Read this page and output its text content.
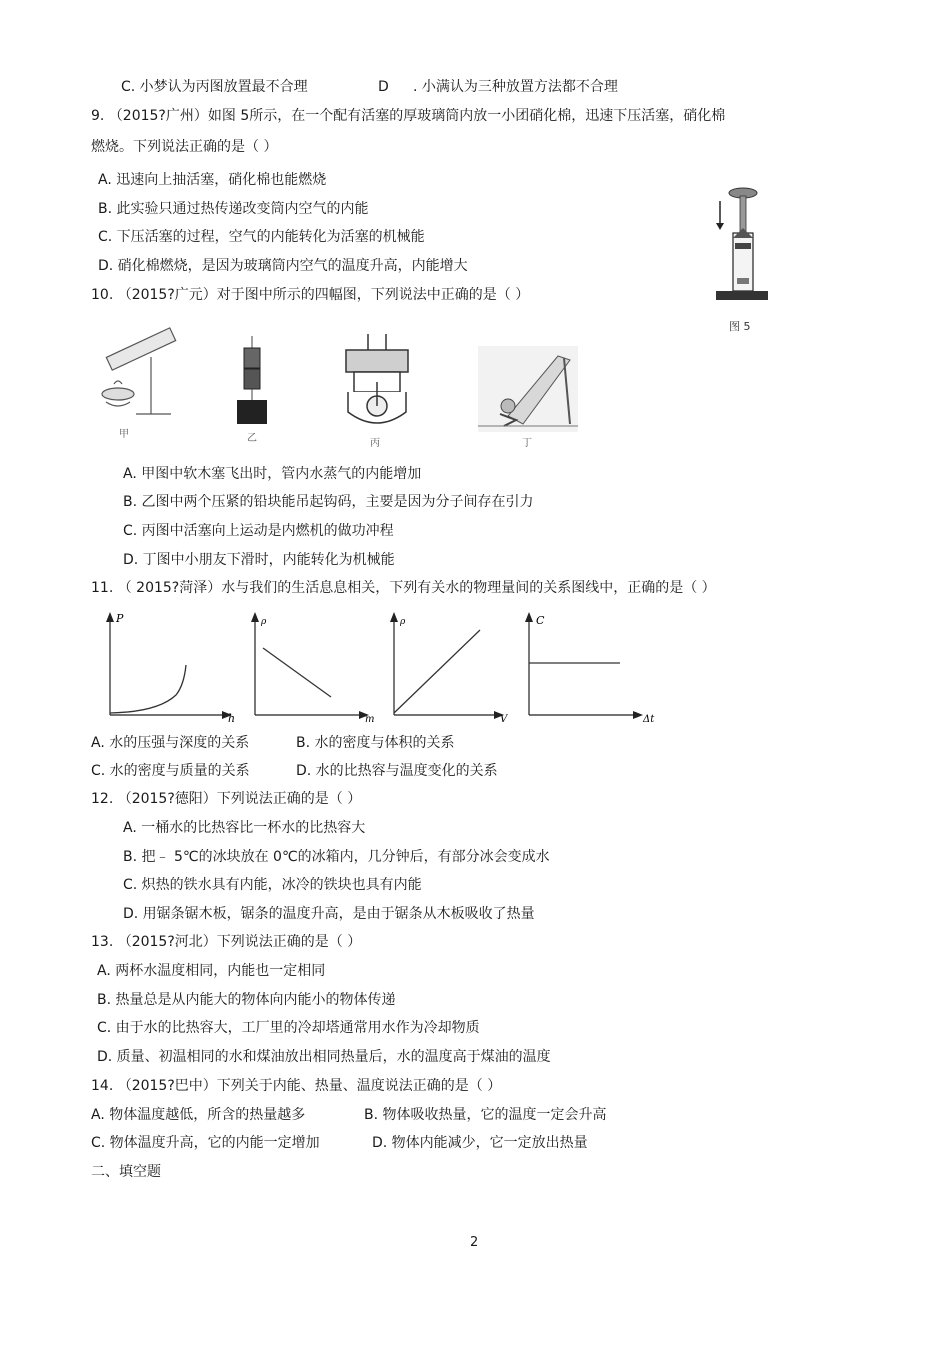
C. 小梦认为丙图放置最不合理	D . 小满认为三种放置方法都不合理
9. （2015?广州）如图 5所示，在一个配有活塞的厚玻璃筒内放一小团硝化棉，迅速下压活塞，硝化棉
燃烧。下列说法正确的是（ ）
A. 迅速向上抽活塞，硝化棉也能燃烧
B. 此实验只通过热传递改变筒内空气的内能
C. 下压活塞的过程，空气的内能转化为活塞的机械能
D. 硝化棉燃烧，是因为玻璃筒内空气的温度升高，内能增大
10. （2015?广元）对于图中所示的四幅图，下列说法中正确的是（ ）
A. 甲图中软木塞飞出时，管内水蒸气的内能增加
B. 乙图中两个压紧的铅块能吊起钩码，主要是因为分子间存在引力
C. 丙图中活塞向上运动是内燃机的做功冲程
D. 丁图中小朋友下滑时，内能转化为机械能
11. （ 2015?菏泽）水与我们的生活息息相关，下列有关水的物理量间的关系图线中，正确的是（ ）
A. 水的压强与深度的关系	B. 水的密度与体积的关系
C. 水的密度与质量的关系	D. 水的比热容与温度变化的关系
12. （2015?德阳）下列说法正确的是（ ）
A. 一桶水的比热容比一杯水的比热容大
B. 把﹣ 5℃的冰块放在 0℃的冰箱内，几分钟后，有部分冰会变成水
C. 炽热的铁水具有内能，冰冷的铁块也具有内能
D. 用锯条锯木板，锯条的温度升高，是由于锯条从木板吸收了热量
13. （2015?河北）下列说法正确的是（ ）
A. 两杯水温度相同，内能也一定相同
B. 热量总是从内能大的物体向内能小的物体传递
C. 由于水的比热容大，工厂里的冷却塔通常用水作为冷却物质
D. 质量、初温相同的水和煤油放出相同热量后，水的温度高于煤油的温度
14. （2015?巴中）下列关于内能、热量、温度说法正确的是（ ）
A. 物体温度越低，所含的热量越多	B. 物体吸收热量，它的温度一定会升高
C. 物体温度升高，它的内能一定增加	D. 物体内能减少，它一定放出热量
二、填空题
2
图 5
甲	乙	丙	丁
P
h
ρ
m
ρ
V
C
Δt
